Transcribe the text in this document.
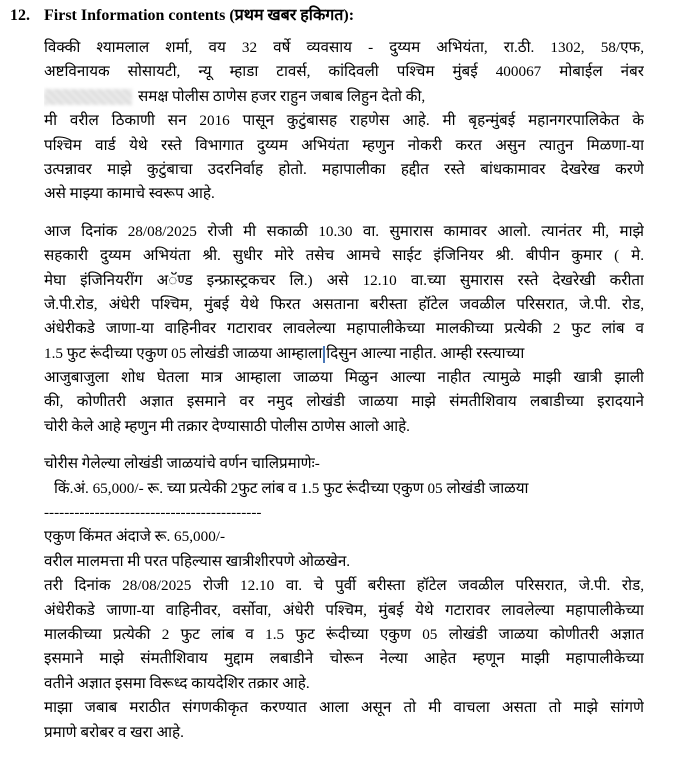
12. First Information contents (प्रथम खबर हकिगत):
विक्की श्यामलाल शर्मा, वय 32 वर्षे व्यवसाय - दुय्यम अभियंता, रा.ठी. 1302, 58/एफ,
अष्टविनायक सोसायटी, न्यू म्हाडा टावर्स, कांदिवली पश्चिम मुंबई 400067 मोबाईल नंबर
समक्ष पोलीस ठाणेस हजर राहुन जबाब लिहुन देतो की,
मी वरील ठिकाणी सन 2016 पासून कुटुंबासह राहणेस आहे. मी बृहन्मुंबई महानगरपालिकेत के
पश्चिम वार्ड येथे रस्ते विभागात दुय्यम अभियंता म्हणुन नोकरी करत असुन त्यातुन मिळणा-या
उत्पन्नावर माझे कुटुंबाचा उदरनिर्वाह होतो. महापालीका हद्दीत रस्ते बांधकामावर देखरेख करणे
असे माझ्या कामाचे स्वरूप आहे.
आज दिनांक 28/08/2025 रोजी मी सकाळी 10.30 वा. सुमारास कामावर आलो. त्यानंतर मी, माझे
सहकारी दुय्यम अभियंता श्री. सुधीर मोरे तसेच आमचे साईट इंजिनियर श्री. बीपीन कुमार ( मे.
मेघा इंजिनियरींग अॅण्ड इन्फ्रास्ट्रकचर लि.) असे 12.10 वा.च्या सुमारास रस्ते देखरेखी करीता
जे.पी.रोड, अंधेरी पश्चिम, मुंबई येथे फिरत असताना बरीस्ता हॉटेल जवळील परिसरात, जे.पी. रोड,
अंधेरीकडे जाणा-या वाहिनीवर गटारावर लावलेल्या महापालीकेच्या मालकीच्या प्रत्येकी 2 फुट लांब व
1.5 फुट रूंदीच्या एकुण 05 लोखंडी जाळया आम्हाला दिसुन आल्या नाहीत. आम्ही रस्त्याच्या
आजुबाजुला शोध घेतला मात्र आम्हाला जाळया मिळुन आल्या नाहीत त्यामुळे माझी खात्री झाली
की, कोणीतरी अज्ञात इसमाने वर नमुद लोखंडी जाळया माझे संमतीशिवाय लबाडीच्या इरादयाने
चोरी केले आहे म्हणुन मी तक्रार देण्यासाठी पोलीस ठाणेस आलो आहे.
चोरीस गेलेल्या लोखंडी जाळयांचे वर्णन चालिप्रमाणेः-
किं.अं. 65,000/- रू. च्या प्रत्येकी 2फुट लांब व 1.5 फुट रूंदीच्या एकुण 05 लोखंडी जाळया
-------------------------------------------
एकुण किंमत अंदाजे रू. 65,000/-
वरील मालमत्ता मी परत पहिल्यास खात्रीशीरपणे ओळखेन.
तरी दिनांक 28/08/2025 रोजी 12.10 वा. चे पुर्वी बरीस्ता हॉटेल जवळील परिसरात, जे.पी. रोड,
अंधेरीकडे जाणा-या वाहिनीवर, वर्सोवा, अंधेरी पश्चिम, मुंबई येथे गटारावर लावलेल्या महापालीकेच्या
मालकीच्या प्रत्येकी 2 फुट लांब व 1.5 फुट रूंदीच्या एकुण 05 लोखंडी जाळया कोणीतरी अज्ञात
इसमाने माझे संमतीशिवाय मुद्दाम लबाडीने चोरून नेल्या आहेत म्हणून माझी महापालीकेच्या
वतीने अज्ञात इसमा विरूध्द कायदेशिर तक्रार आहे.
माझा जबाब मराठीत संगणकीकृत करण्यात आला असून तो मी वाचला असता तो माझे सांगणे
प्रमाणे बरोबर व खरा आहे.
